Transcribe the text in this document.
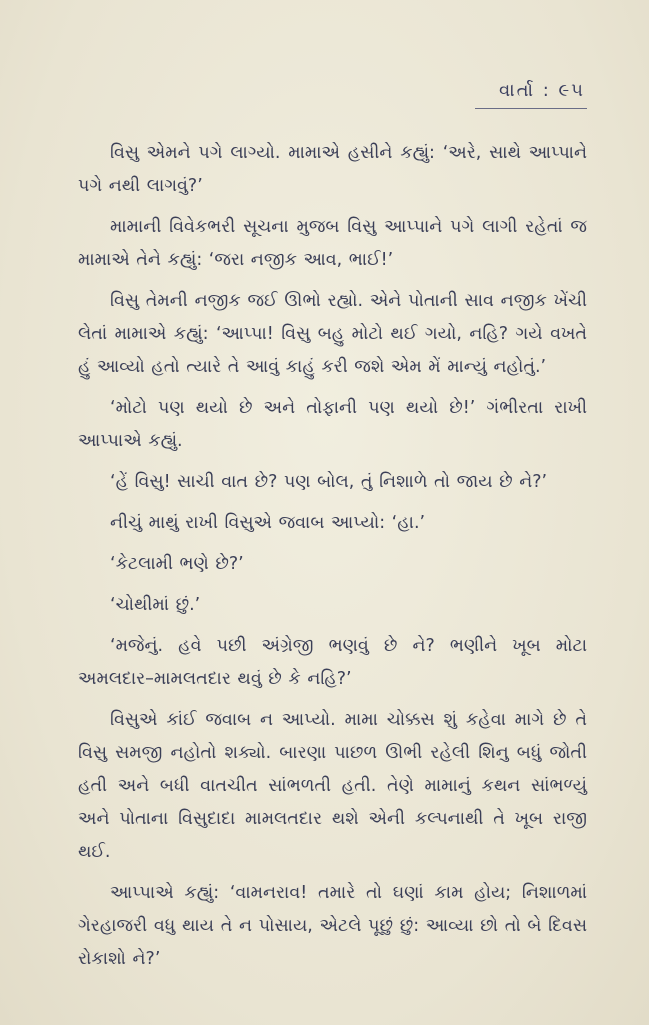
વાર્તા : ૯૫

વિસુ એમને પગે લાગ્યો. મામાએ હસીને કહ્યું: ‘અરે, સાથે આપ્પાને પગે નથી લાગવું?’

મામાની વિવેકભરી સૂચના મુજબ વિસુ આપ્પાને પગે લાગી રહેતાં જ મામાએ તેને કહ્યું: ‘જરા નજીક આવ, ભાઈ!’

વિસુ તેમની નજીક જઈ ઊભો રહ્યો. એને પોતાની સાવ નજીક ખેંચી લેતાં મામાએ કહ્યું: ‘આપ્પા! વિસુ બહુ મોટો થઈ ગયો, નહિ? ગયે વખતે હું આવ્યો હતો ત્યારે તે આવું કાહું કરી જશે એમ મેં માન્યું નહોતું.’

‘મોટો પણ થયો છે અને તોફાની પણ થયો છે!’ ગંભીરતા રાખી આપ્પાએ કહ્યું.

‘હેં વિસુ! સાચી વાત છે? પણ બોલ, તું નિશાળે તો જાય છે ને?’

નીચું માથું રાખી વિસુએ જવાબ આપ્યો: ‘હા.’

‘કેટલામી ભણે છે?’

‘ચોથીમાં છું.’

‘મજેનું. હવે પછી અંગ્રેજી ભણવું છે ને? ભણીને ખૂબ મોટા અમલદાર–મામલતદાર થવું છે કે નહિ?’

વિસુએ કાંઈ જવાબ ન આપ્યો. મામા ચોક્કસ શું કહેવા માગે છે તે વિસુ સમજી નહોતો શક્યો. બારણા પાછળ ઊભી રહેલી શિનુ બધું જોતી હતી અને બધી વાતચીત સાંભળતી હતી. તેણે મામાનું કથન સાંભળ્યું અને પોતાના વિસુદાદા મામલતદાર થશે એની કલ્પનાથી તે ખૂબ રાજી થઈ.

આપ્પાએ કહ્યું: ‘વામનરાવ! તમારે તો ઘણાં કામ હોય; નિશાળમાં ગેરહાજરી વધુ થાય તે ન પોસાય, એટલે પૂછું છું: આવ્યા છો તો બે દિવસ રોકાશો ને?’
